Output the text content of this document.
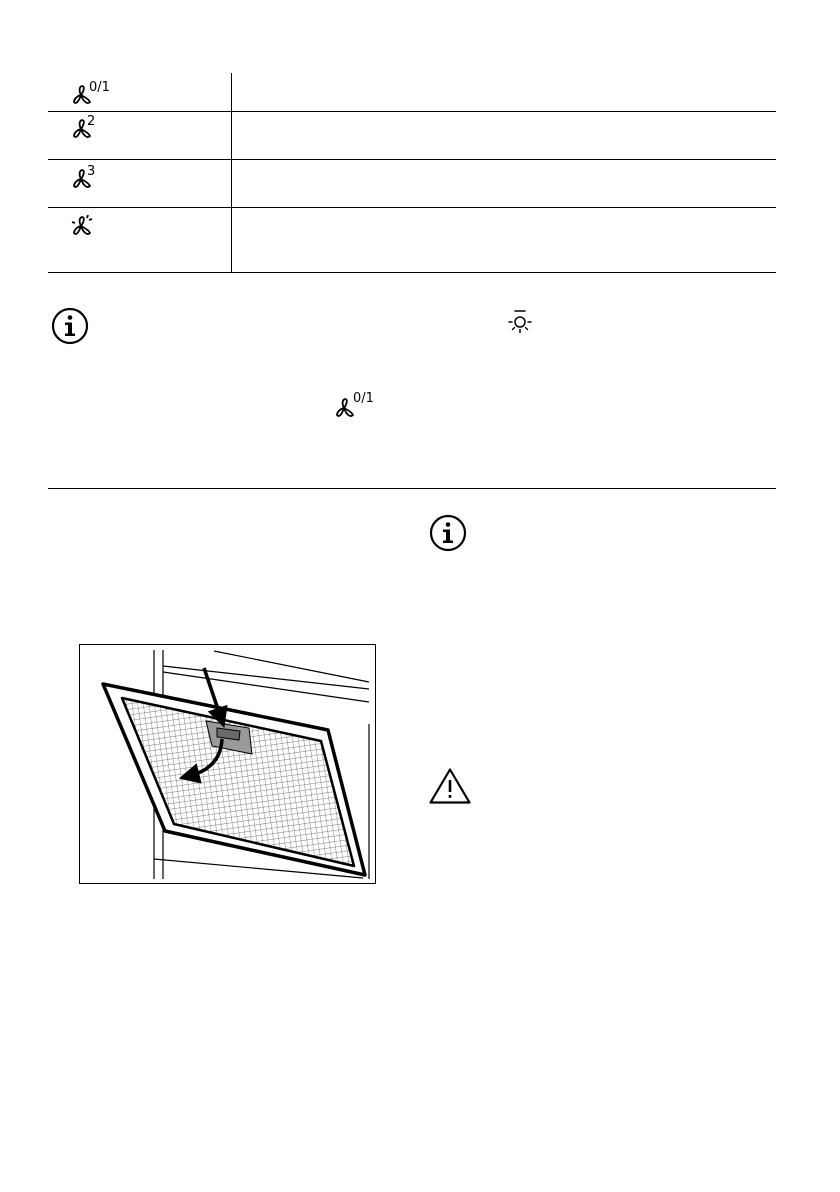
0/1
2
3
0/1
